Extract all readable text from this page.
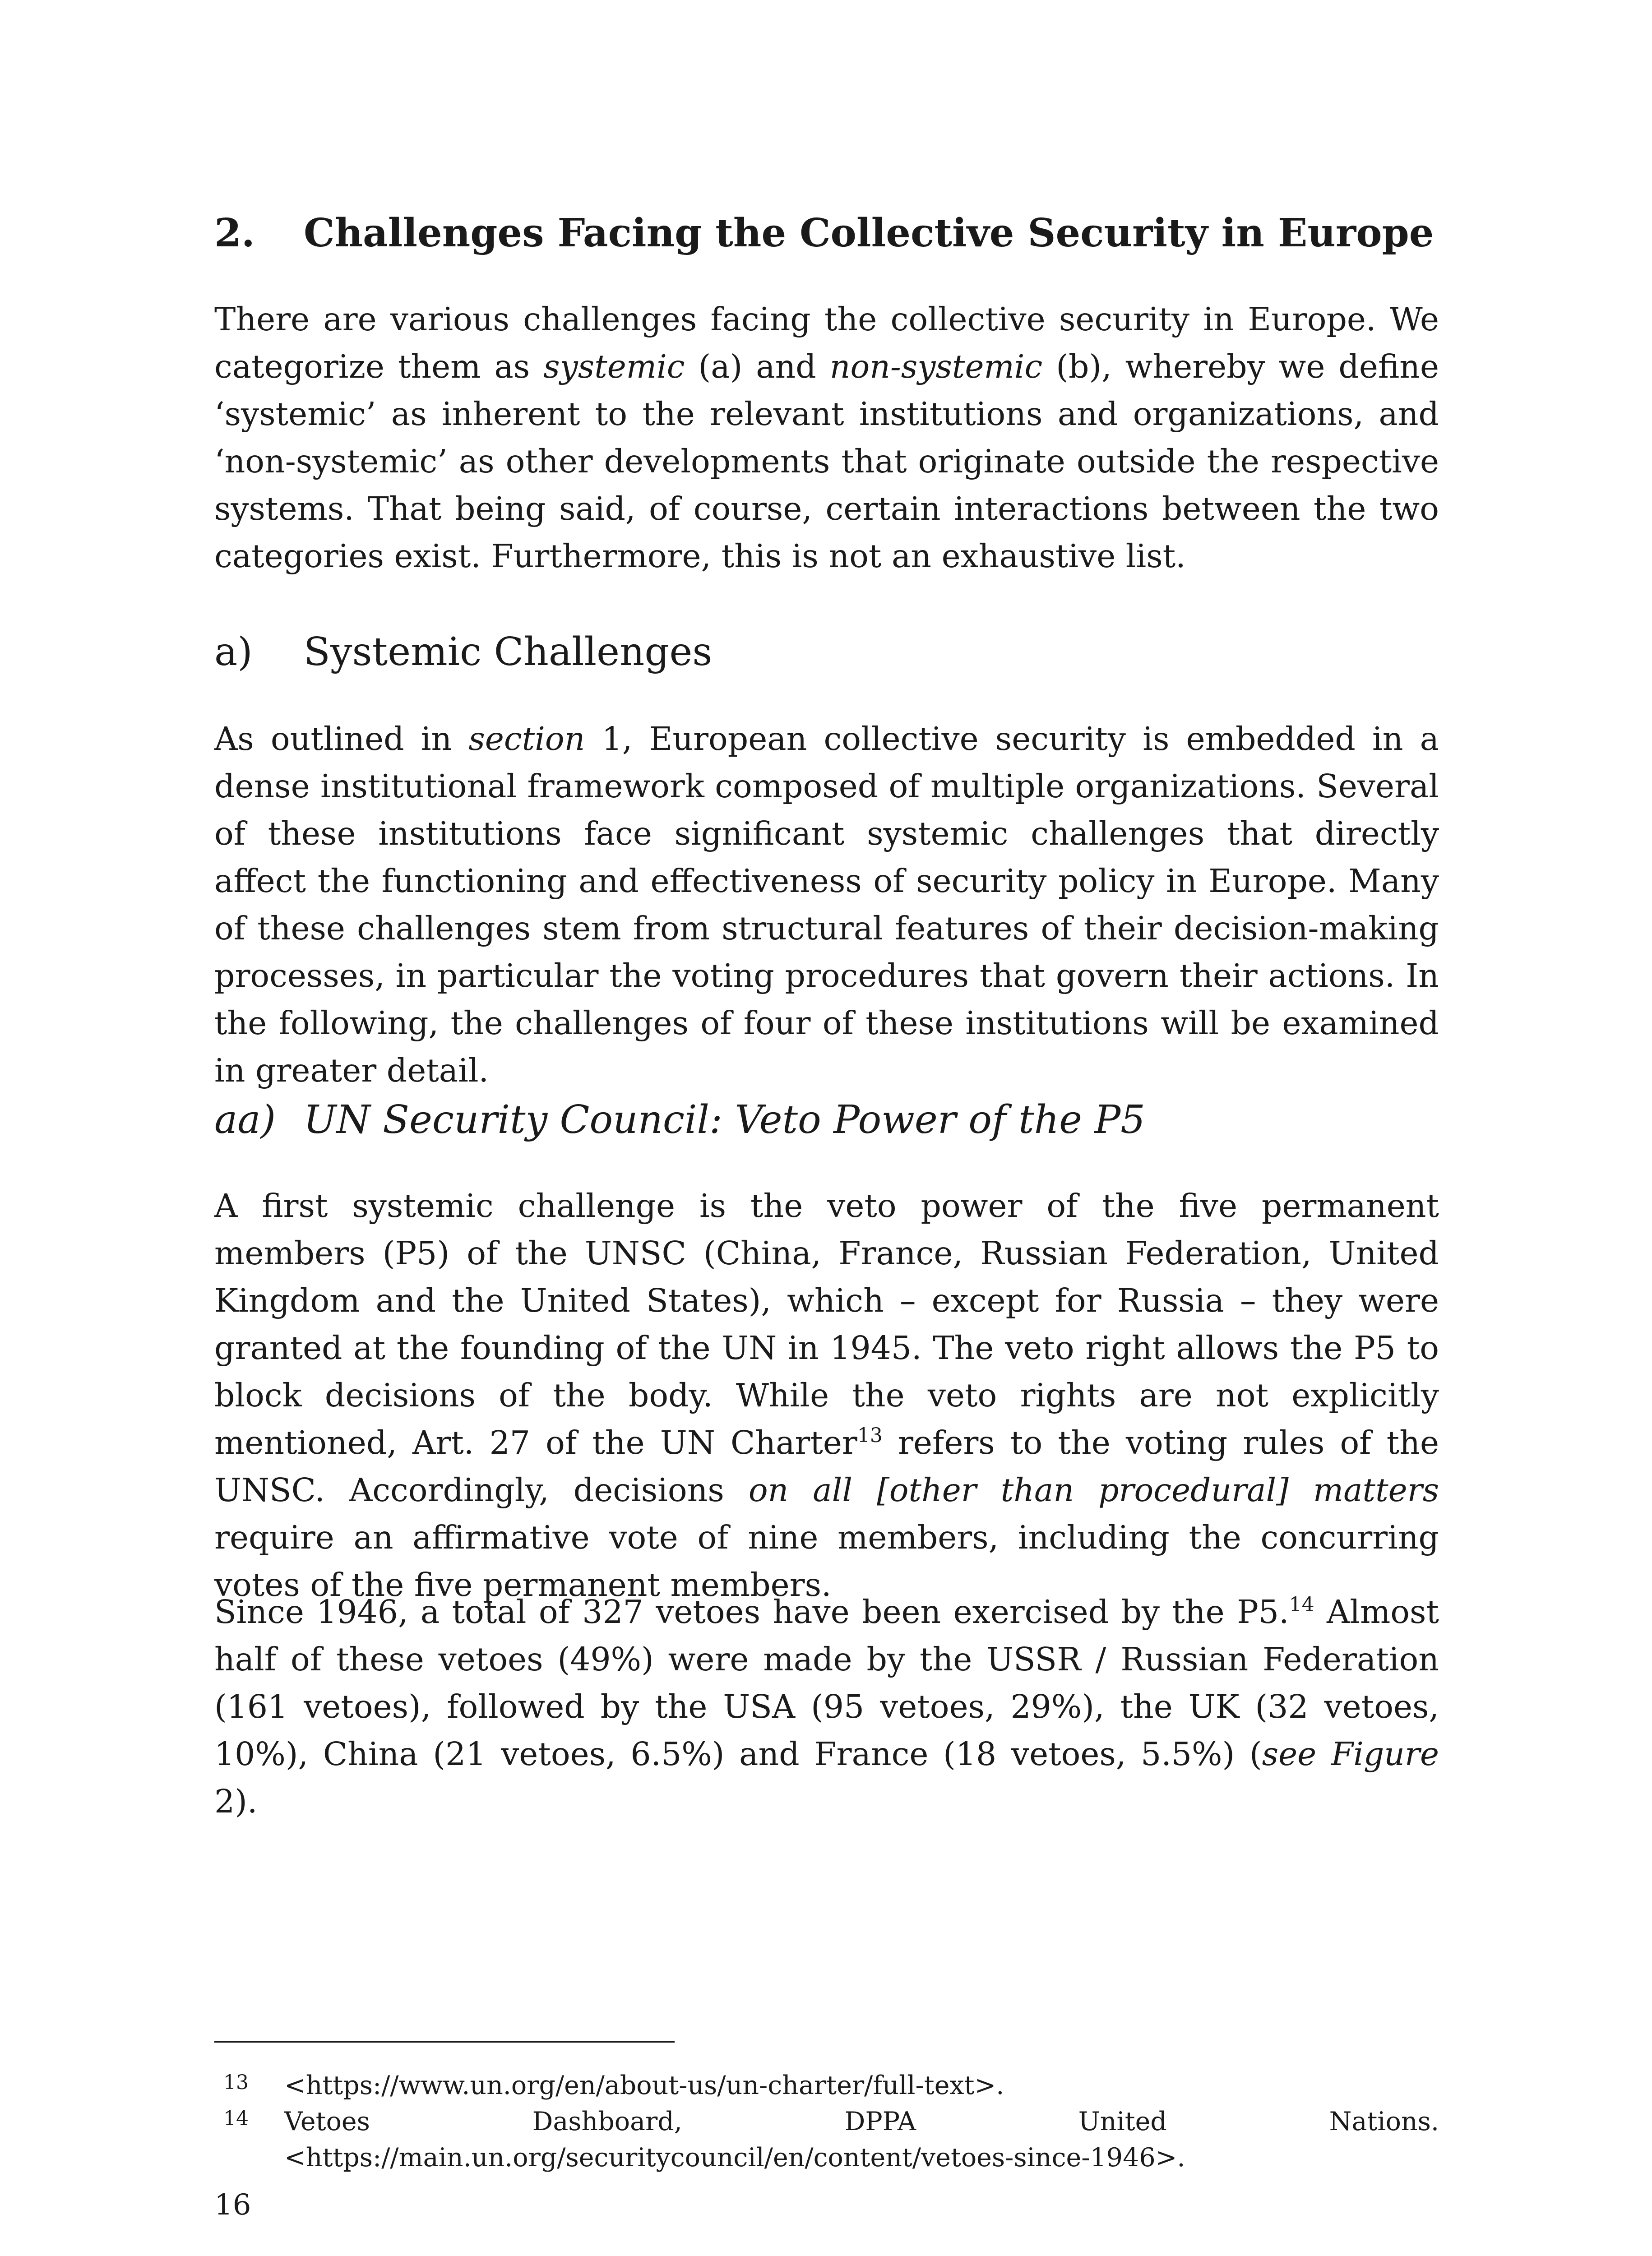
2. Challenges Facing the Collective Security in Europe

There are various challenges facing the collective security in Europe. We categorize them as systemic (a) and non-systemic (b), whereby we define ‘systemic’ as inherent to the relevant institutions and organizations, and ‘non-systemic’ as other developments that originate outside the respective systems. That being said, of course, certain interactions between the two categories exist. Furthermore, this is not an exhaustive list.

a) Systemic Challenges

As outlined in section 1, European collective security is embedded in a dense institutional framework composed of multiple organizations. Several of these institutions face significant systemic challenges that directly affect the functioning and effectiveness of security policy in Europe. Many of these challenges stem from structural features of their decision-making processes, in particular the voting procedures that govern their actions. In the following, the challenges of four of these institutions will be examined in greater detail.

aa) UN Security Council: Veto Power of the P5

A first systemic challenge is the veto power of the five permanent members (P5) of the UNSC (China, France, Russian Federation, United Kingdom and the United States), which – except for Russia – they were granted at the founding of the UN in 1945. The veto right allows the P5 to block decisions of the body. While the veto rights are not explicitly mentioned, Art. 27 of the UN Charter$^{13}$ refers to the voting rules of the UNSC. Accordingly, decisions on all [other than procedural] matters require an affirmative vote of nine members, including the concurring votes of the five permanent members.

Since 1946, a total of 327 vetoes have been exercised by the P5.14 Almost half of these vetoes (49%) were made by the USSR / Russian Federation (161 vetoes), followed by the USA (95 vetoes, 29%), the UK (32 vetoes, 10%), China (21 vetoes, 6.5%) and France (18 vetoes, 5.5%) (see Figure 2).

13 <https://www.un.org/en/about-us/un-charter/full-text>.
14 Vetoes Dashboard, DPPA United Nations. <https://main.un.org/securitycouncil/en/content/vetoes-since-1946>.
16
